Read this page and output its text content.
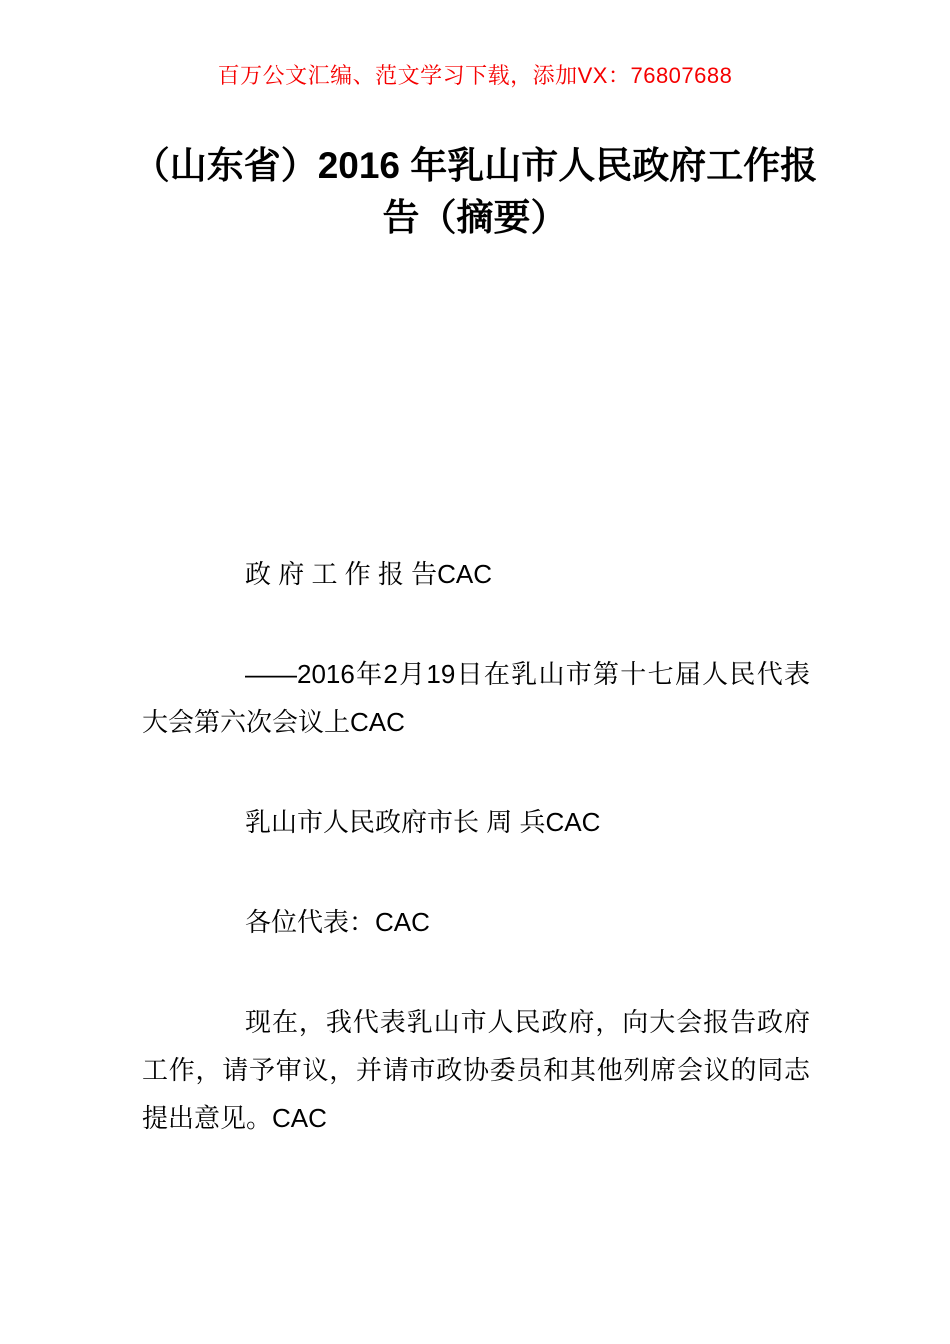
百万公文汇编、范文学习下载，添加VX：76807688
（山东省）2016 年乳山市人民政府工作报
告（摘要）
政 府 工 作 报 告CAC
——2016年2月19日在乳山市第十七届人民代表大会第六次会议上CAC
乳山市人民政府市长 周 兵CAC
各位代表：CAC
现在，我代表乳山市人民政府，向大会报告政府工作，请予审议，并请市政协委员和其他列席会议的同志提出意见。CAC
